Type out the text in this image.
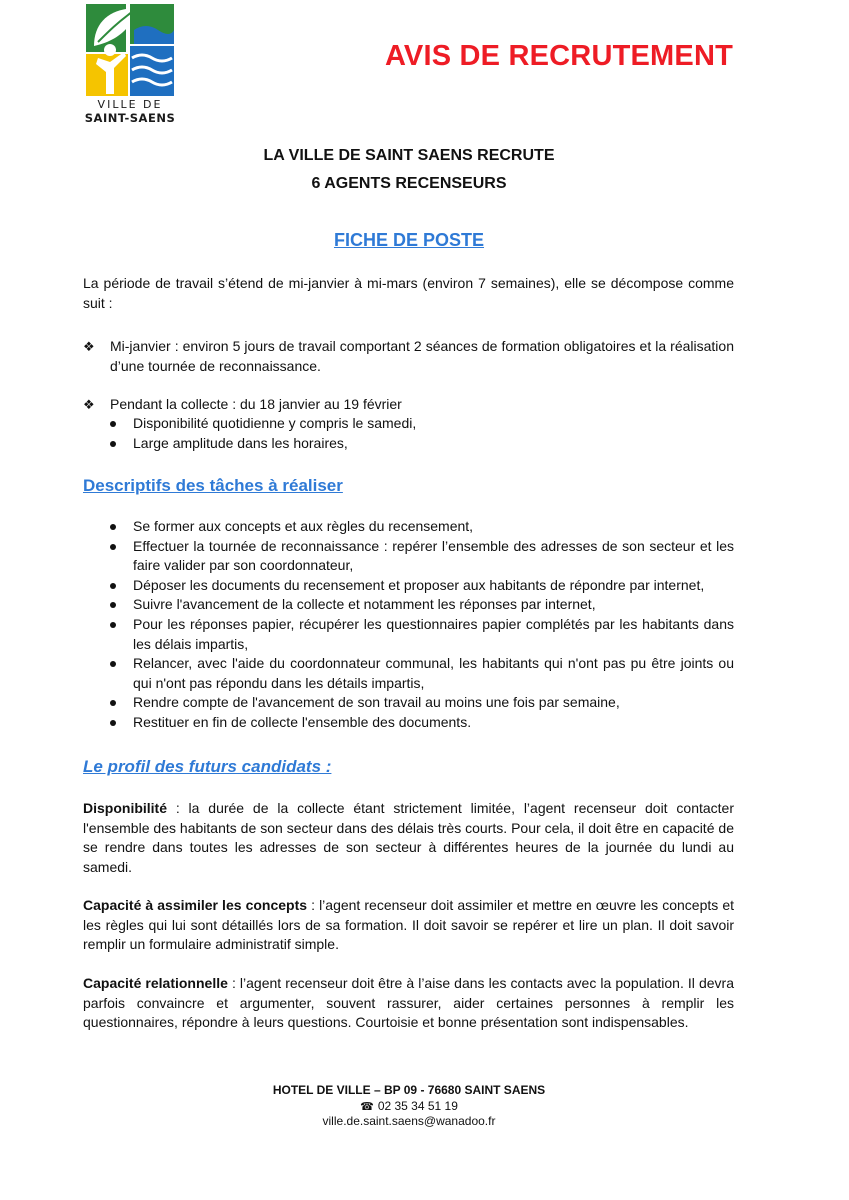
VILLE DE
SAINT-SAENS
AVIS DE RECRUTEMENT
LA VILLE DE SAINT SAENS RECRUTE
6 AGENTS RECENSEURS
FICHE DE POSTE
La période de travail s’étend de mi-janvier à mi-mars (environ 7 semaines), elle se décompose comme suit :
❖	Mi-janvier : environ 5 jours de travail comportant 2 séances de formation obligatoires et la réalisation d’une tournée de reconnaissance.
❖	Pendant la collecte : du 18 janvier au 19 février
Disponibilité quotidienne y compris le samedi,
Large amplitude dans les horaires,
Descriptifs des tâches à réaliser
Se former aux concepts et aux règles du recensement,
Effectuer la tournée de reconnaissance : repérer l’ensemble des adresses de son secteur et les faire valider par son coordonnateur,
Déposer les documents du recensement et proposer aux habitants de répondre par internet,
Suivre l'avancement de la collecte et notamment les réponses par internet,
Pour les réponses papier, récupérer les questionnaires papier complétés par les habitants dans les délais impartis,
Relancer, avec l'aide du coordonnateur communal, les habitants qui n'ont pas pu être joints ou qui n'ont pas répondu dans les détails impartis,
Rendre compte de l'avancement de son travail au moins une fois par semaine,
Restituer en fin de collecte l'ensemble des documents.
Le profil des futurs candidats :
Disponibilité : la durée de la collecte étant strictement limitée, l’agent recenseur doit contacter l'ensemble des habitants de son secteur dans des délais très courts. Pour cela, il doit être en capacité de se rendre dans toutes les adresses de son secteur à différentes heures de la journée du lundi au samedi.
Capacité à assimiler les concepts : l’agent recenseur doit assimiler et mettre en œuvre les concepts et les règles qui lui sont détaillés lors de sa formation. Il doit savoir se repérer et lire un plan. Il doit savoir remplir un formulaire administratif simple.
Capacité relationnelle : l’agent recenseur doit être à l’aise dans les contacts avec la population. Il devra parfois convaincre et argumenter, souvent rassurer, aider certaines personnes à remplir les questionnaires, répondre à leurs questions. Courtoisie et bonne présentation sont indispensables.
HOTEL DE VILLE – BP 09 - 76680 SAINT SAENS
☎ 02 35 34 51 19
ville.de.saint.saens@wanadoo.fr
